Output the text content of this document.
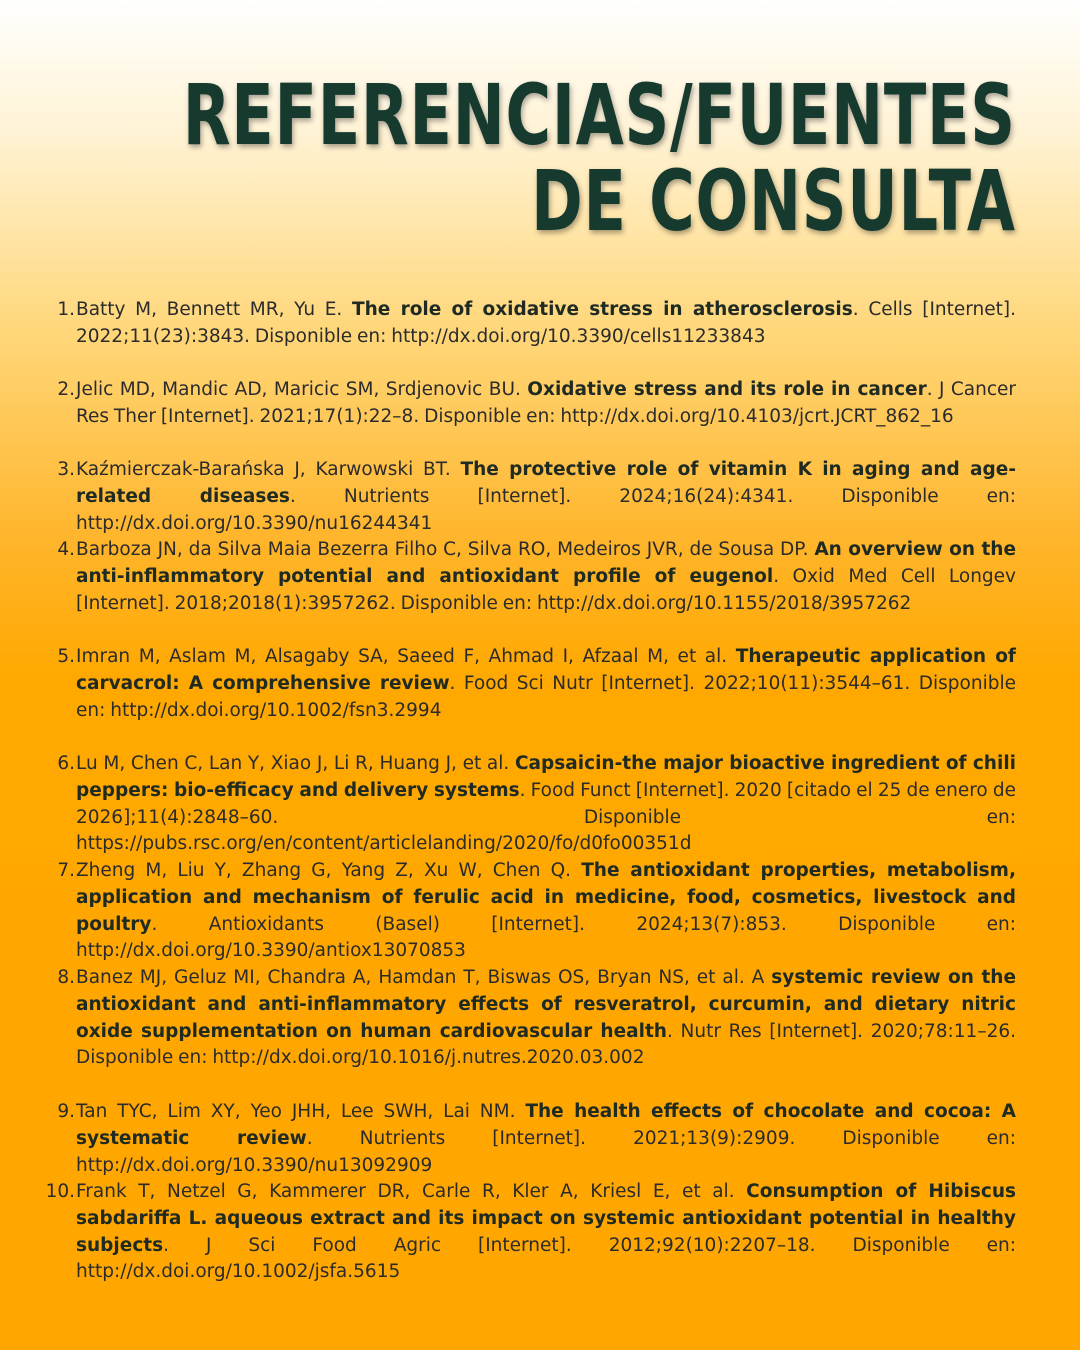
REFERENCIAS/FUENTES
DE CONSULTA
1. Batty M, Bennett MR, Yu E. The role of oxidative stress in atherosclerosis. Cells [Internet]. 2022;11(23):3843. Disponible en: http://dx.doi.org/10.3390/cells11233843
2. Jelic MD, Mandic AD, Maricic SM, Srdjenovic BU. Oxidative stress and its role in cancer. J Cancer Res Ther [Internet]. 2021;17(1):22–8. Disponible en: http://dx.doi.org/10.4103/jcrt.JCRT_862_16
3. Kaźmierczak-Barańska J, Karwowski BT. The protective role of vitamin K in aging and age-related diseases. Nutrients [Internet]. 2024;16(24):4341. Disponible en: http://dx.doi.org/10.3390/nu16244341
4. Barboza JN, da Silva Maia Bezerra Filho C, Silva RO, Medeiros JVR, de Sousa DP. An overview on the anti-inflammatory potential and antioxidant profile of eugenol. Oxid Med Cell Longev [Internet]. 2018;2018(1):3957262. Disponible en: http://dx.doi.org/10.1155/2018/3957262
5. Imran M, Aslam M, Alsagaby SA, Saeed F, Ahmad I, Afzaal M, et al. Therapeutic application of carvacrol: A comprehensive review. Food Sci Nutr [Internet]. 2022;10(11):3544–61. Disponible en: http://dx.doi.org/10.1002/fsn3.2994
6. Lu M, Chen C, Lan Y, Xiao J, Li R, Huang J, et al. Capsaicin-the major bioactive ingredient of chili peppers: bio-efficacy and delivery systems. Food Funct [Internet]. 2020 [citado el 25 de enero de 2026];11(4):2848–60. Disponible en: https://pubs.rsc.org/en/content/articlelanding/2020/fo/d0fo00351d
7. Zheng M, Liu Y, Zhang G, Yang Z, Xu W, Chen Q. The antioxidant properties, metabolism, application and mechanism of ferulic acid in medicine, food, cosmetics, livestock and poultry. Antioxidants (Basel) [Internet]. 2024;13(7):853. Disponible en: http://dx.doi.org/10.3390/antiox13070853
8. Banez MJ, Geluz MI, Chandra A, Hamdan T, Biswas OS, Bryan NS, et al. A systemic review on the antioxidant and anti-inflammatory effects of resveratrol, curcumin, and dietary nitric oxide supplementation on human cardiovascular health. Nutr Res [Internet]. 2020;78:11–26. Disponible en: http://dx.doi.org/10.1016/j.nutres.2020.03.002
9. Tan TYC, Lim XY, Yeo JHH, Lee SWH, Lai NM. The health effects of chocolate and cocoa: A systematic review. Nutrients [Internet]. 2021;13(9):2909. Disponible en: http://dx.doi.org/10.3390/nu13092909
10. Frank T, Netzel G, Kammerer DR, Carle R, Kler A, Kriesl E, et al. Consumption of Hibiscus sabdariffa L. aqueous extract and its impact on systemic antioxidant potential in healthy subjects. J Sci Food Agric [Internet]. 2012;92(10):2207–18. Disponible en: http://dx.doi.org/10.1002/jsfa.5615
